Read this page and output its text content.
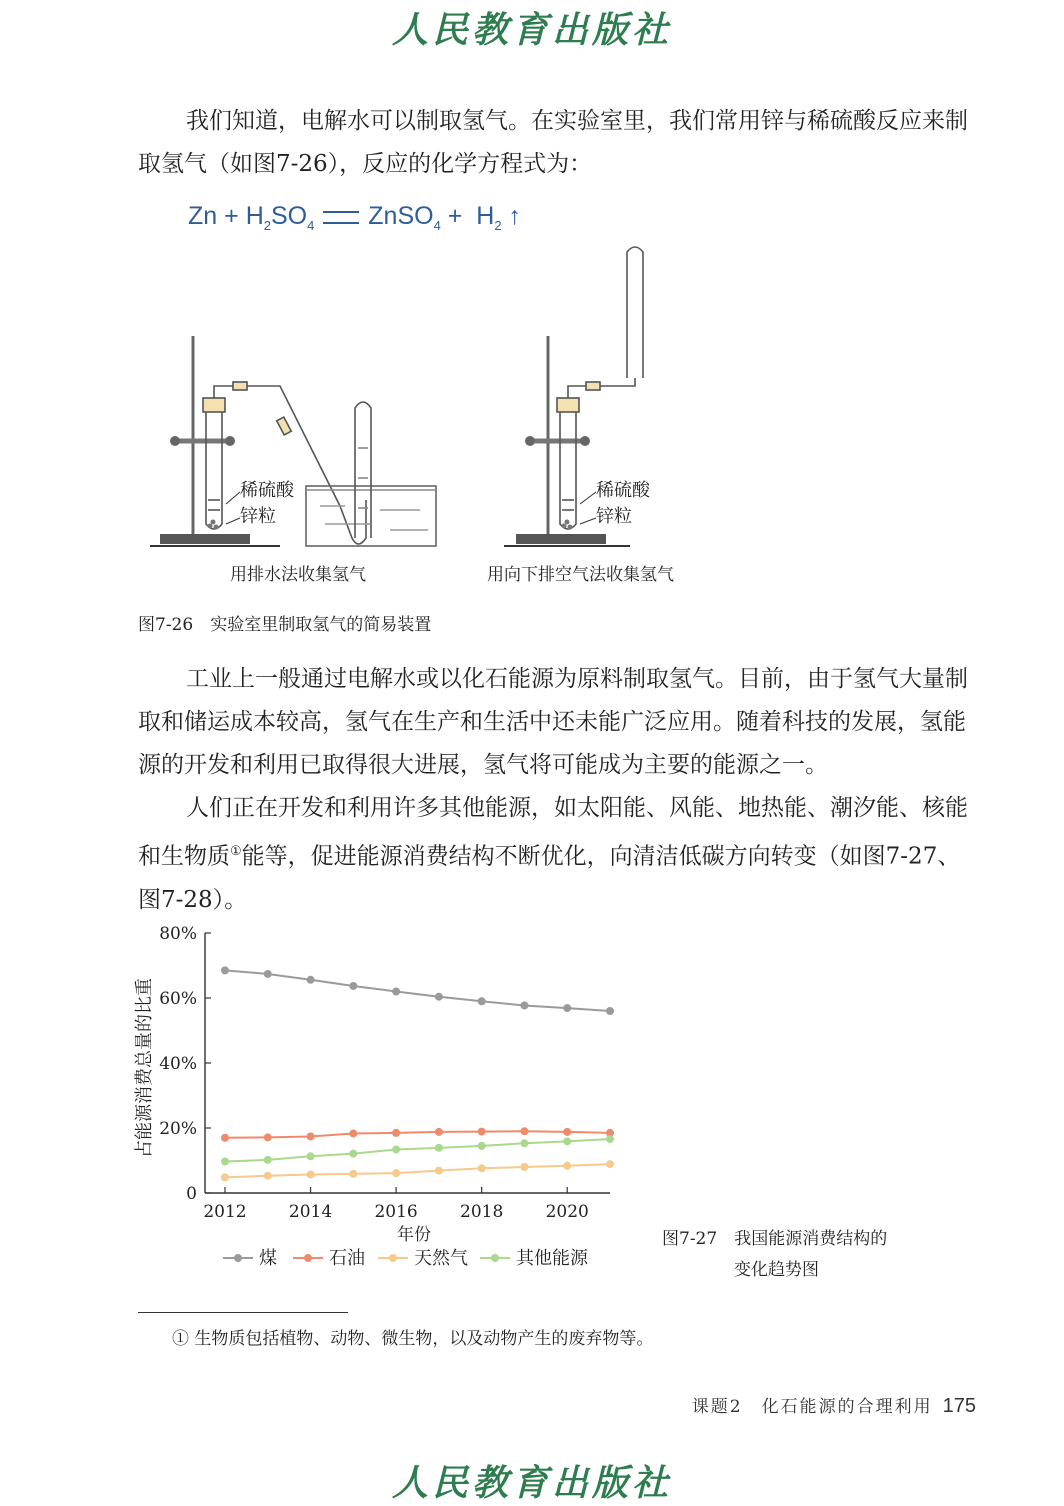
人民教育出版社

我们知道，电解水可以制取氢气。在实验室里，我们常用锌与稀硫酸反应来制取氢气（如图7-26），反应的化学方程式为：

$Zn + H_2SO_4$ ZnSO$_4$ + $H_2$ ↑
稀硫酸
锌粒
稀硫酸
锌粒
用排水法收集氢气	用向下排空气法收集氢气
图7-26　实验室里制取氢气的简易装置

工业上一般通过电解水或以化石能源为原料制取氢气。目前，由于氢气大量制取和储运成本较高，氢气在生产和生活中还未能广泛应用。随着科技的发展，氢能源的开发和利用已取得很大进展，氢气将可能成为主要的能源之一。

人们正在开发和利用许多其他能源，如太阳能、风能、地热能、潮汐能、核能和生物质①能等，促进能源消费结构不断优化，向清洁低碳方向转变（如图7-27、图7-28）。

0
20%
40%
60%
80%
2012 2014 2016 2018 2020
占能源消费总量的比重
年份
煤	石油	天然气	其他能源
图7-27　我国能源消费结构的
变化趋势图
① 生物质包括植物、动物、微生物，以及动物产生的废弃物等。
课题2　化石能源的合理利用 175
人民教育出版社
